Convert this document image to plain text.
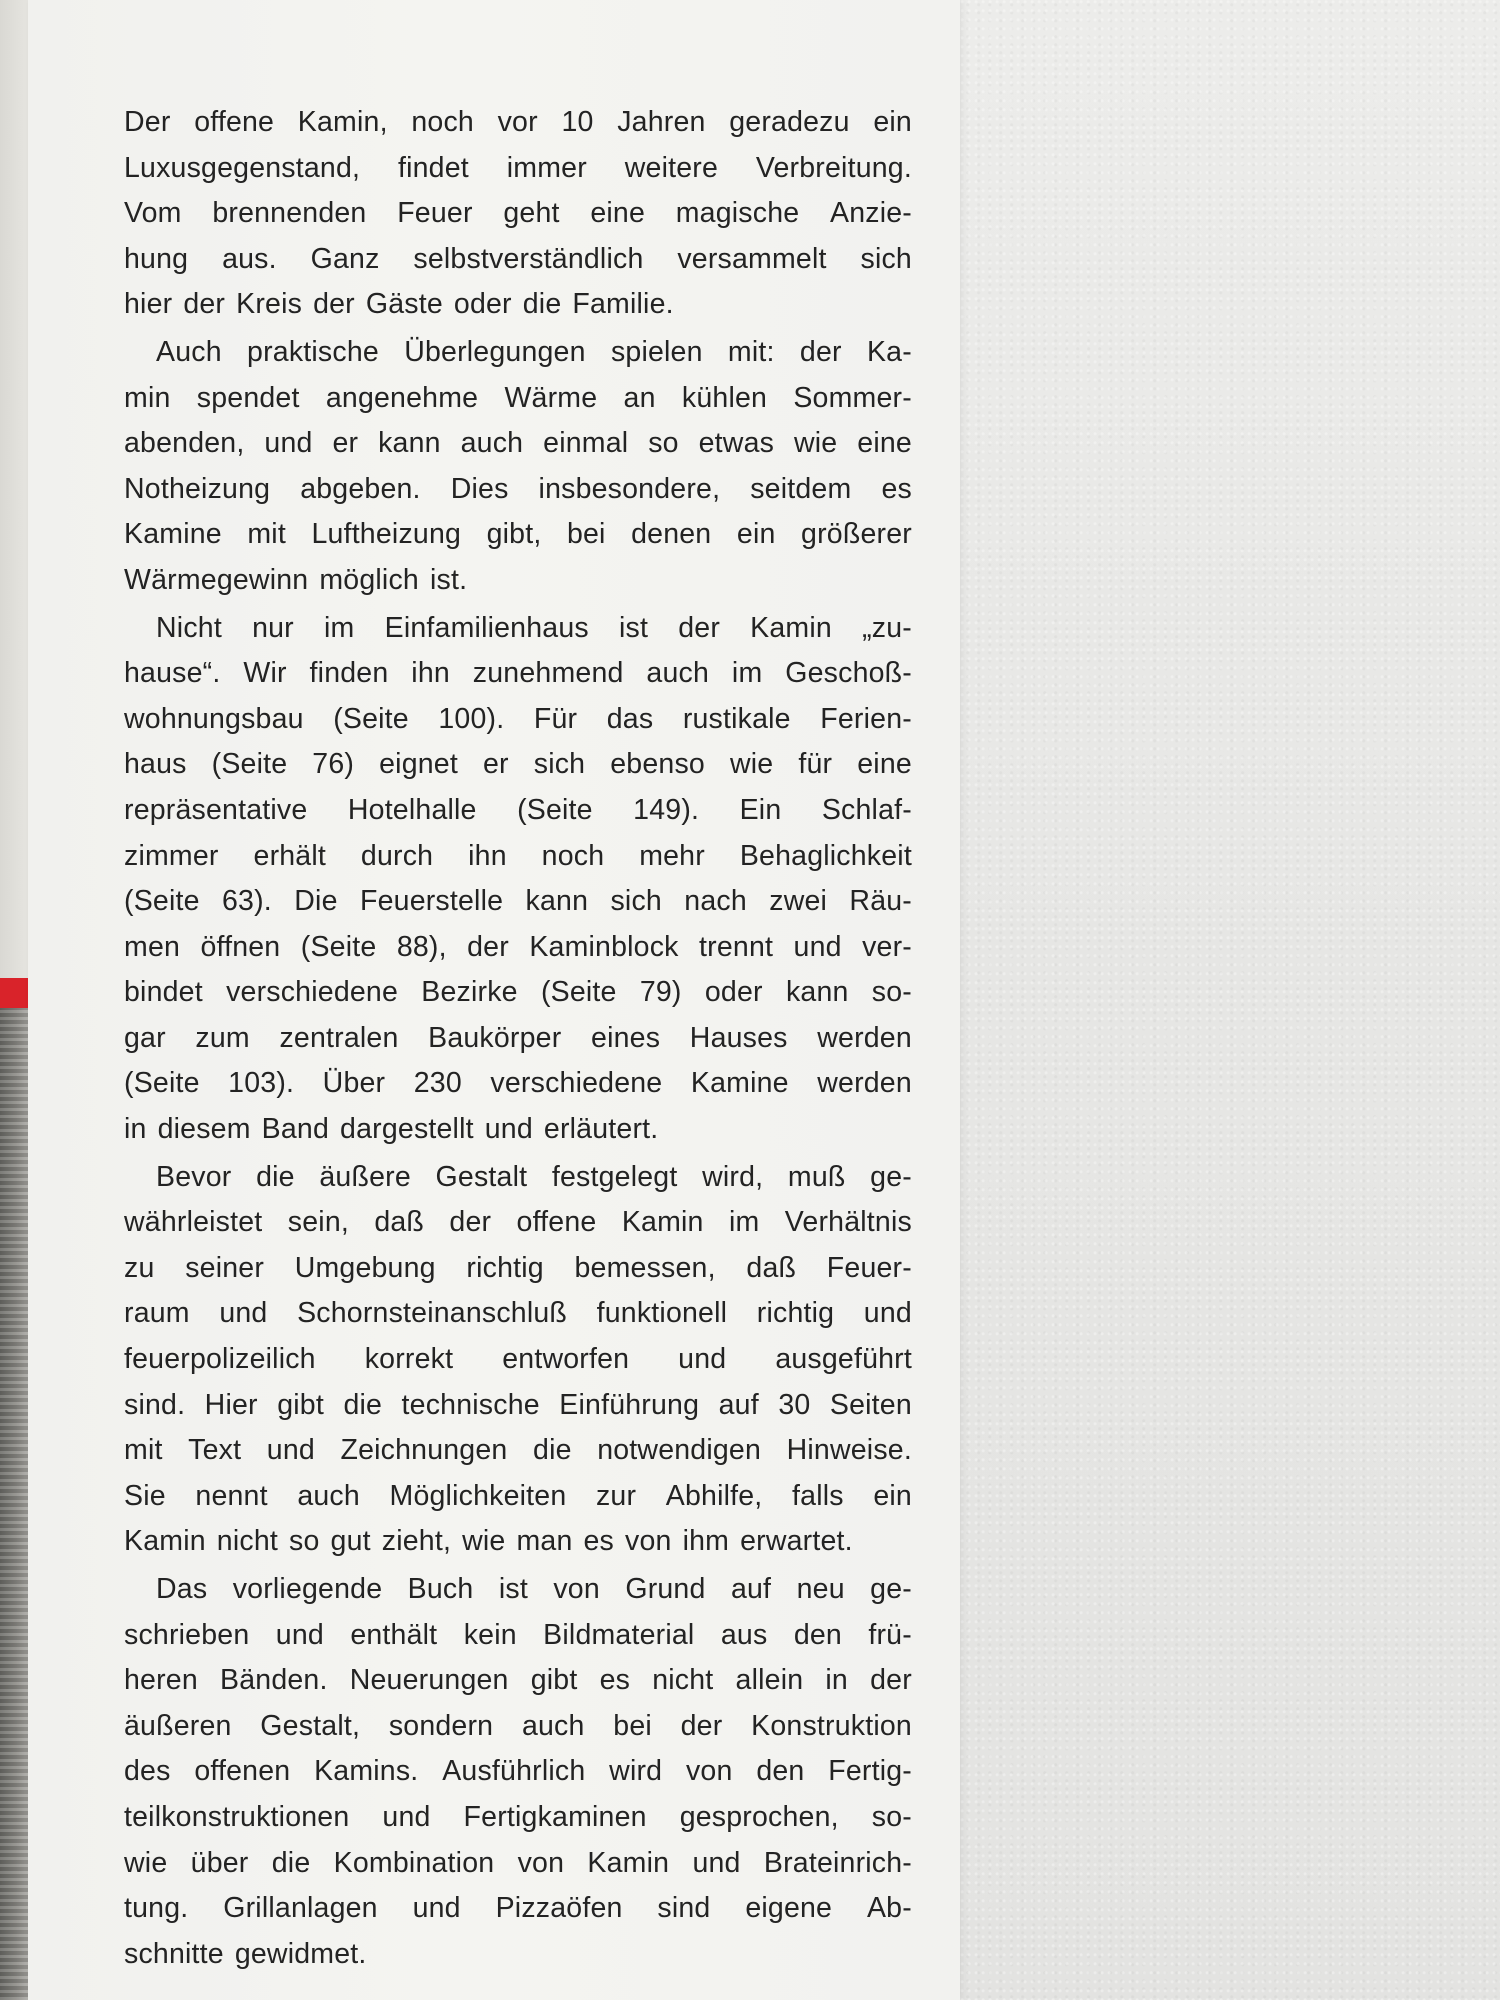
Der offene Kamin, noch vor 10 Jahren geradezu ein
Luxusgegenstand, findet immer weitere Verbreitung.
Vom brennenden Feuer geht eine magische Anzie-
hung aus. Ganz selbstverständlich versammelt sich
hier der Kreis der Gäste oder die Familie.
Auch praktische Überlegungen spielen mit: der Ka-
min spendet angenehme Wärme an kühlen Sommer-
abenden, und er kann auch einmal so etwas wie eine
Notheizung abgeben. Dies insbesondere, seitdem es
Kamine mit Luftheizung gibt, bei denen ein größerer
Wärmegewinn möglich ist.
Nicht nur im Einfamilienhaus ist der Kamin „zu-
hause“. Wir finden ihn zunehmend auch im Geschoß-
wohnungsbau (Seite 100). Für das rustikale Ferien-
haus (Seite 76) eignet er sich ebenso wie für eine
repräsentative Hotelhalle (Seite 149). Ein Schlaf-
zimmer erhält durch ihn noch mehr Behaglichkeit
(Seite 63). Die Feuerstelle kann sich nach zwei Räu-
men öffnen (Seite 88), der Kaminblock trennt und ver-
bindet verschiedene Bezirke (Seite 79) oder kann so-
gar zum zentralen Baukörper eines Hauses werden
(Seite 103). Über 230 verschiedene Kamine werden
in diesem Band dargestellt und erläutert.
Bevor die äußere Gestalt festgelegt wird, muß ge-
währleistet sein, daß der offene Kamin im Verhältnis
zu seiner Umgebung richtig bemessen, daß Feuer-
raum und Schornsteinanschluß funktionell richtig und
feuerpolizeilich korrekt entworfen und ausgeführt
sind. Hier gibt die technische Einführung auf 30 Seiten
mit Text und Zeichnungen die notwendigen Hinweise.
Sie nennt auch Möglichkeiten zur Abhilfe, falls ein
Kamin nicht so gut zieht, wie man es von ihm erwartet.
Das vorliegende Buch ist von Grund auf neu ge-
schrieben und enthält kein Bildmaterial aus den frü-
heren Bänden. Neuerungen gibt es nicht allein in der
äußeren Gestalt, sondern auch bei der Konstruktion
des offenen Kamins. Ausführlich wird von den Fertig-
teilkonstruktionen und Fertigkaminen gesprochen, so-
wie über die Kombination von Kamin und Brateinrich-
tung. Grillanlagen und Pizzaöfen sind eigene Ab-
schnitte gewidmet.
